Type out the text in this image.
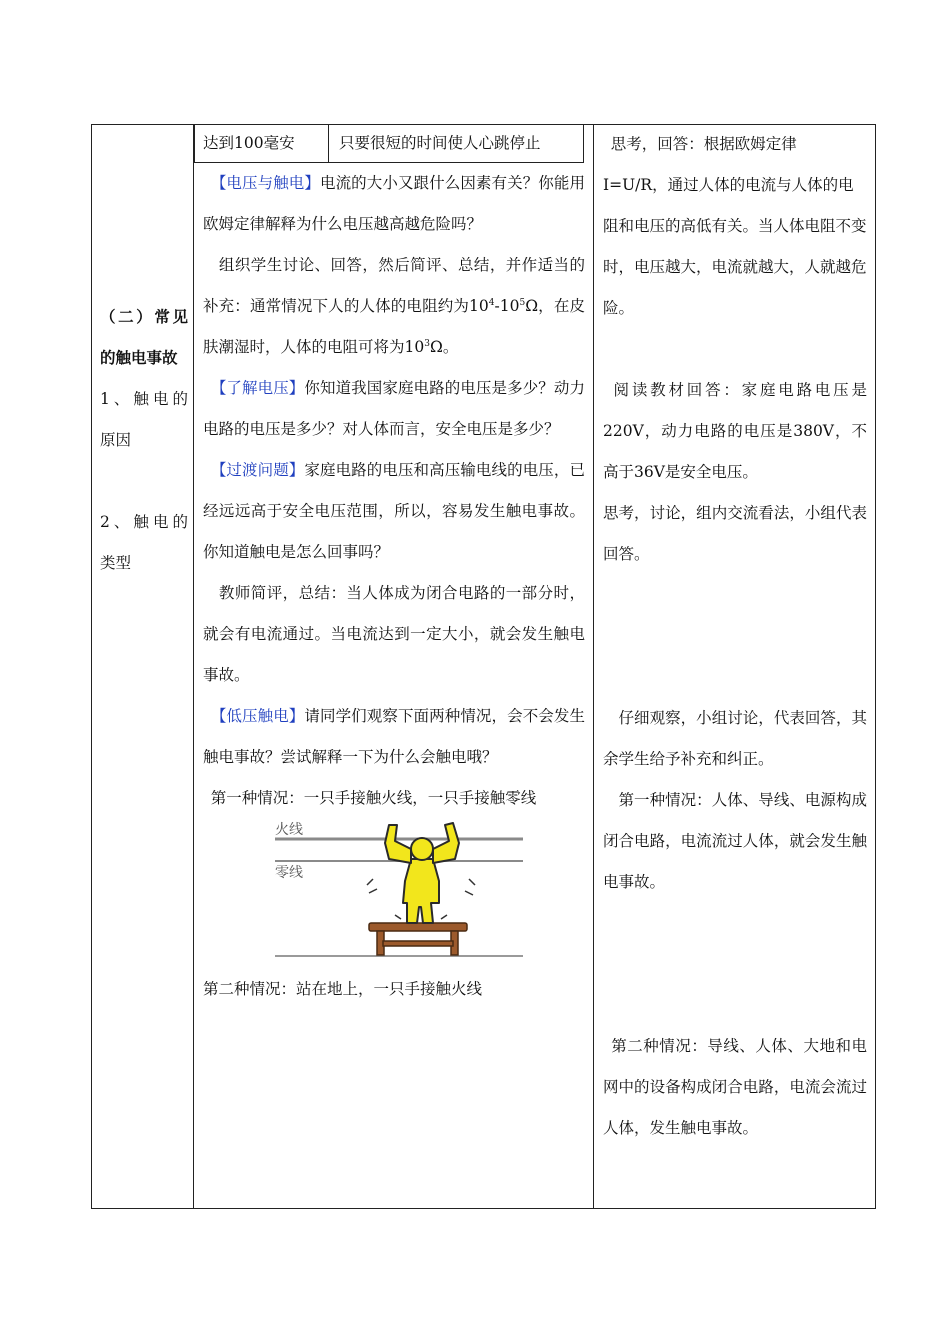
（二）常见
的触电事故
1、触电的
原因
2、触电的
类型
达到100毫安	只要很短的时间使人心跳停止

 【电压与触电】电流的大小又跟什么因素有关？你能用欧姆定律解释为什么电压越高越危险吗？

 组织学生讨论、回答，然后简评、总结，并作适当的补充：通常情况下人的人体的电阻约为$10^4-10^5\Omega$，在皮肤潮湿时，人体的电阻可将为$10^3\Omega$。

 【了解电压】你知道我国家庭电路的电压是多少？动力电路的电压是多少？对人体而言，安全电压是多少？

 【过渡问题】家庭电路的电压和高压输电线的电压，已经远远高于安全电压范围，所以，容易发生触电事故。你知道触电是怎么回事吗？

 教师简评，总结：当人体成为闭合电路的一部分时，就会有电流通过。当电流达到一定大小，就会发生触电事故。

 【低压触电】请同学们观察下面两种情况，会不会发生触电事故？尝试解释一下为什么会触电哦？

 第一种情况：一只手接触火线，一只手接触零线

火线
零线

第二种情况：站在地上，一只手接触火线

 思考，回答：根据欧姆定律
I=U/R，通过人体的电流与人体的电阻和电压的高低有关。当人体电阻不变时，电压越大，电流就越大，人就越危险。

 阅读教材回答：家庭电路电压是220V，动力电路的电压是380V，不高于36V是安全电压。

思考，讨论，组内交流看法，小组代表回答。

 仔细观察，小组讨论，代表回答，其余学生给予补充和纠正。

 第一种情况：人体、导线、电源构成闭合电路，电流流过人体，就会发生触电事故。

 第二种情况：导线、人体、大地和电网中的设备构成闭合电路，电流会流过人体，发生触电事故。
